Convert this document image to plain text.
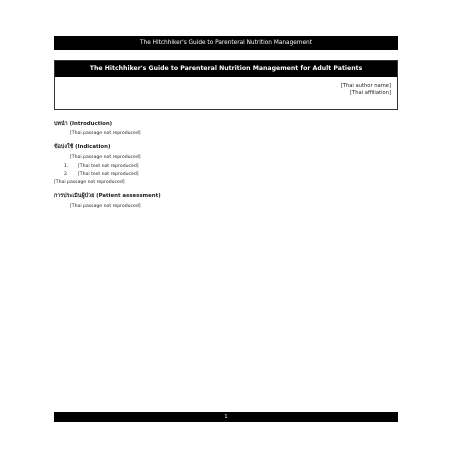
The Hitchhiker's Guide to Parenteral Nutrition Management
The Hitchhiker's Guide to Parenteral Nutrition Management for Adult Patients
[Thai author name]
[Thai affiliation]
บทนำ (Introduction)

[Thai passage not reproduced]

ข้อบ่งใช้ (Indication)

[Thai passage not reproduced]

1.	[Thai text not reproduced]
2.	[Thai text not reproduced]

[Thai passage not reproduced]

การประเมินผู้ป่วย (Patient assessment)

[Thai passage not reproduced]

1
